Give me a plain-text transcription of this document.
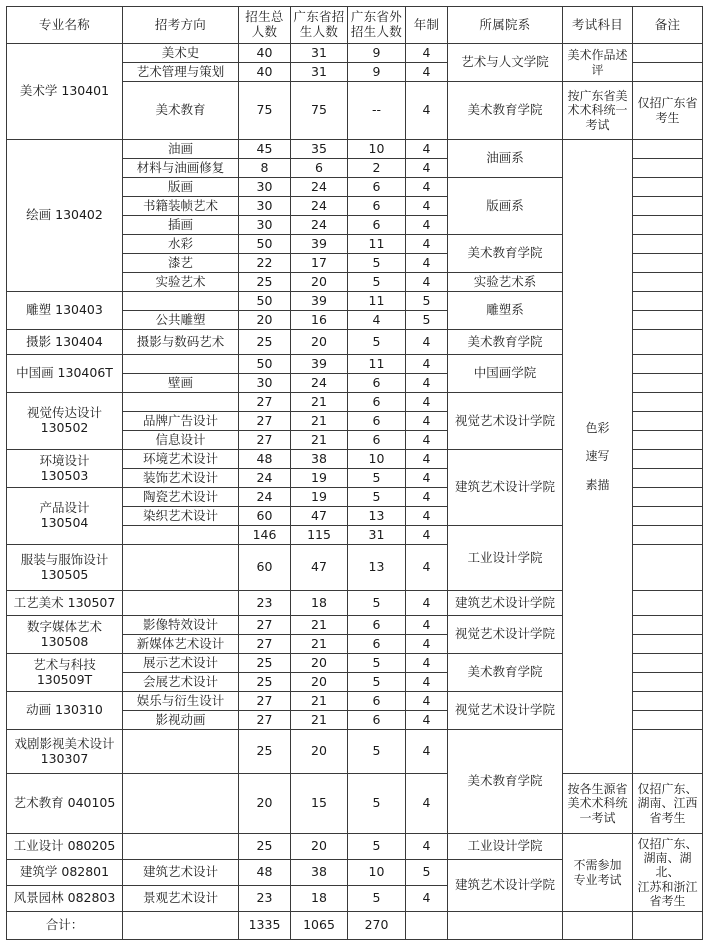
专业名称	招考方向	招生总人数	广东省招生人数	广东省外招生人数	年制	所属院系	考试科目	备注
美术学 130401	美术史	40	31	9	4	艺术与人文学院	美术作品述评	
	艺术管理与策划	40	31	9	4			
	美术教育	75	75	--	4	美术教育学院	按广东省美
术术科统一
考试	仅招广东省
考生
绘画 130402	油画	45	35	10	4	油画系	色彩

速写

素描	
	材料与油画修复	8	6	2	4			
	版画	30	24	6	4	版画系		
	书籍装帧艺术	30	24	6	4			
	插画	30	24	6	4			
	水彩	50	39	11	4	美术教育学院		
	漆艺	22	17	5	4			
	实验艺术	25	20	5	4	实验艺术系		
雕塑 130403		50	39	11	5	雕塑系		
	公共雕塑	20	16	4	5			
摄影 130404	摄影与数码艺术	25	20	5	4	美术教育学院		
中国画 130406T		50	39	11	4	中国画学院		
	壁画	30	24	6	4			
视觉传达设计
130502		27	21	6	4	视觉艺术设计学院		
	品牌广告设计	27	21	6	4			
	信息设计	27	21	6	4			
环境设计
130503	环境艺术设计	48	38	10	4	建筑艺术设计学院		
	装饰艺术设计	24	19	5	4			
产品设计
130504	陶瓷艺术设计	24	19	5	4			
	染织艺术设计	60	47	13	4			
		146	115	31	4	工业设计学院		
服装与服饰设计
130505		60	47	13	4			
工艺美术 130507		23	18	5	4	建筑艺术设计学院		
数字媒体艺术
130508	影像特效设计	27	21	6	4	视觉艺术设计学院		
	新媒体艺术设计	27	21	6	4			
艺术与科技
130509T	展示艺术设计	25	20	5	4	美术教育学院		
	会展艺术设计	25	20	5	4			
动画 130310	娱乐与衍生设计	27	21	6	4	视觉艺术设计学院		
	影视动画	27	21	6	4			
戏剧影视美术设计
130307		25	20	5	4	美术教育学院		
艺术教育 040105		20	15	5	4		按各生源省
美术术科统
一考试	仅招广东、
湖南、江西
省考生
工业设计 080205		25	20	5	4	工业设计学院	不需参加
专业考试	仅招广东、
湖南、湖北、
江苏和浙江
省考生
建筑学 082801	建筑艺术设计	48	38	10	5	建筑艺术设计学院		
风景园林 082803	景观艺术设计	23	18	5	4			
合计：		1335	1065	270				
